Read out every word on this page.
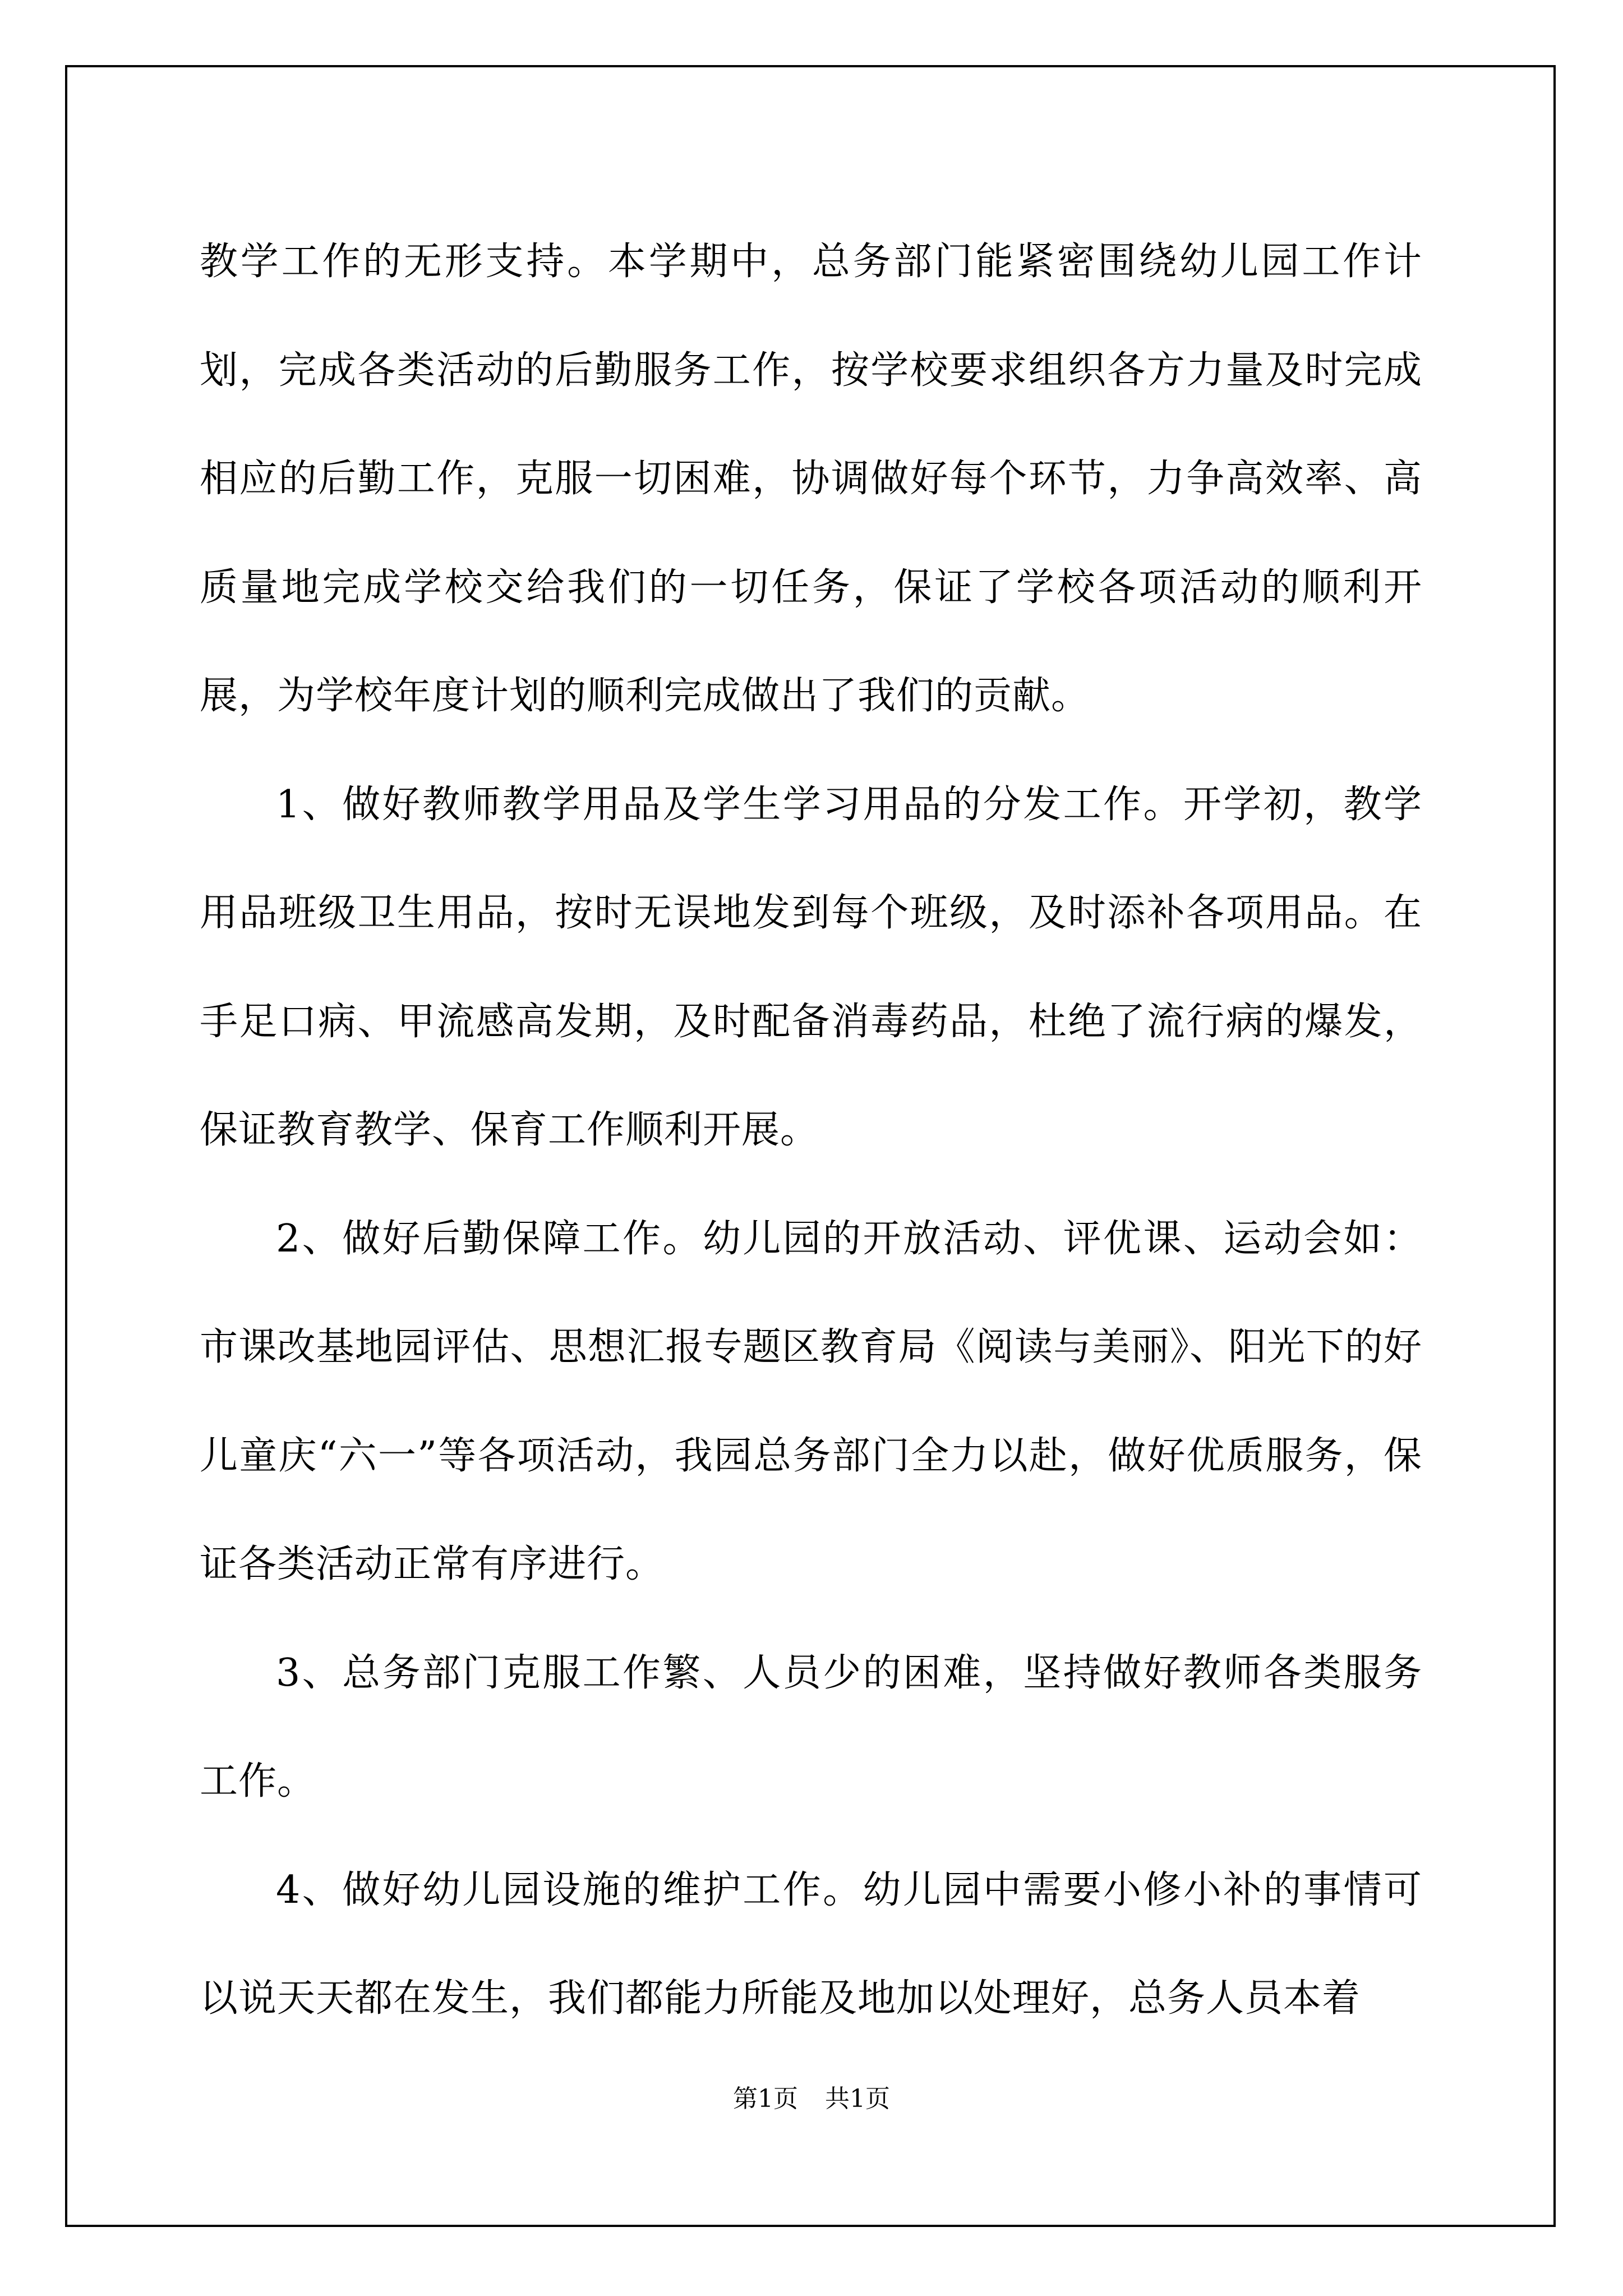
教学工作的无形支持。本学期中，总务部门能紧密围绕幼儿园工作计划，完成各类活动的后勤服务工作，按学校要求组织各方力量及时完成相应的后勤工作，克服一切困难，协调做好每个环节，力争高效率、高质量地完成学校交给我们的一切任务，保证了学校各项活动的顺利开展，为学校年度计划的顺利完成做出了我们的贡献。

1、做好教师教学用品及学生学习用品的分发工作。开学初，教学用品班级卫生用品，按时无误地发到每个班级，及时添补各项用品。在手足口病、甲流感高发期，及时配备消毒药品，杜绝了流行病的爆发，保证教育教学、保育工作顺利开展。

2、做好后勤保障工作。幼儿园的开放活动、评优课、运动会如：市课改基地园评估、思想汇报专题区教育局《阅读与美丽》、阳光下的好儿童庆“六一”等各项活动，我园总务部门全力以赴，做好优质服务，保证各类活动正常有序进行。

3、总务部门克服工作繁、人员少的困难，坚持做好教师各类服务工作。

4、做好幼儿园设施的维护工作。幼儿园中需要小修小补的事情可以说天天都在发生，我们都能力所能及地加以处理好，总务人员本着

第1页 共1页
